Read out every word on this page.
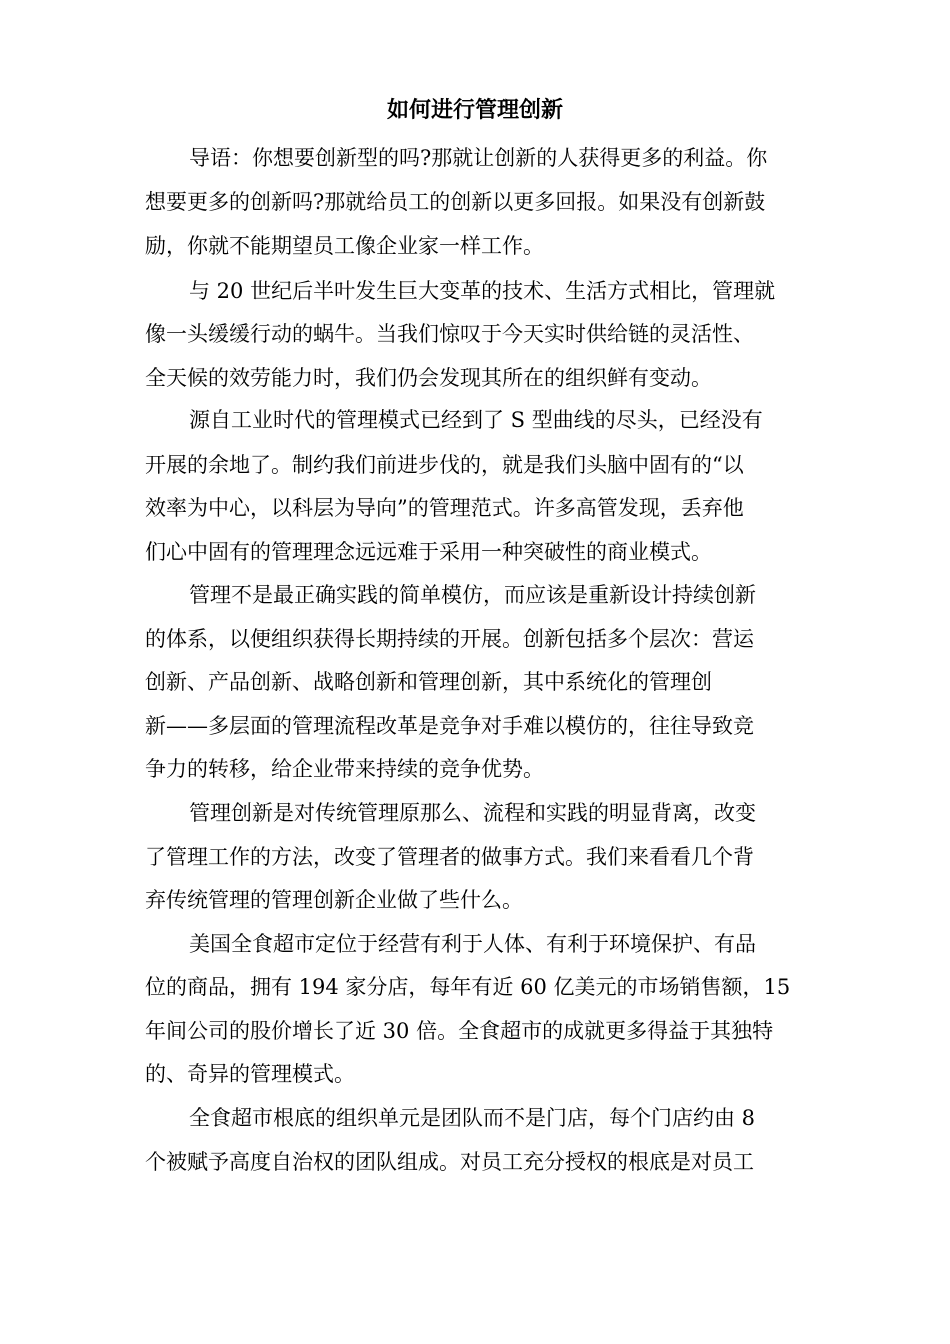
如何进行管理创新
导语：你想要创新型的吗?那就让创新的人获得更多的利益。你
想要更多的创新吗?那就给员工的创新以更多回报。如果没有创新鼓
励，你就不能期望员工像企业家一样工作。
与 20 世纪后半叶发生巨大变革的技术、生活方式相比，管理就
像一头缓缓行动的蜗牛。当我们惊叹于今天实时供给链的灵活性、
全天候的效劳能力时，我们仍会发现其所在的组织鲜有变动。
源自工业时代的管理模式已经到了 S 型曲线的尽头，已经没有
开展的余地了。制约我们前进步伐的，就是我们头脑中固有的“以
效率为中心，以科层为导向”的管理范式。许多高管发现，丢弃他
们心中固有的管理理念远远难于采用一种突破性的商业模式。
管理不是最正确实践的简单模仿，而应该是重新设计持续创新
的体系，以便组织获得长期持续的开展。创新包括多个层次：营运
创新、产品创新、战略创新和管理创新，其中系统化的管理创
新——多层面的管理流程改革是竞争对手难以模仿的，往往导致竞
争力的转移，给企业带来持续的竞争优势。
管理创新是对传统管理原那么、流程和实践的明显背离，改变
了管理工作的方法，改变了管理者的做事方式。我们来看看几个背
弃传统管理的管理创新企业做了些什么。
美国全食超市定位于经营有利于人体、有利于环境保护、有品
位的商品，拥有 194 家分店，每年有近 60 亿美元的市场销售额，15
年间公司的股价增长了近 30 倍。全食超市的成就更多得益于其独特
的、奇异的管理模式。
全食超市根底的组织单元是团队而不是门店，每个门店约由 8
个被赋予高度自治权的团队组成。对员工充分授权的根底是对员工
